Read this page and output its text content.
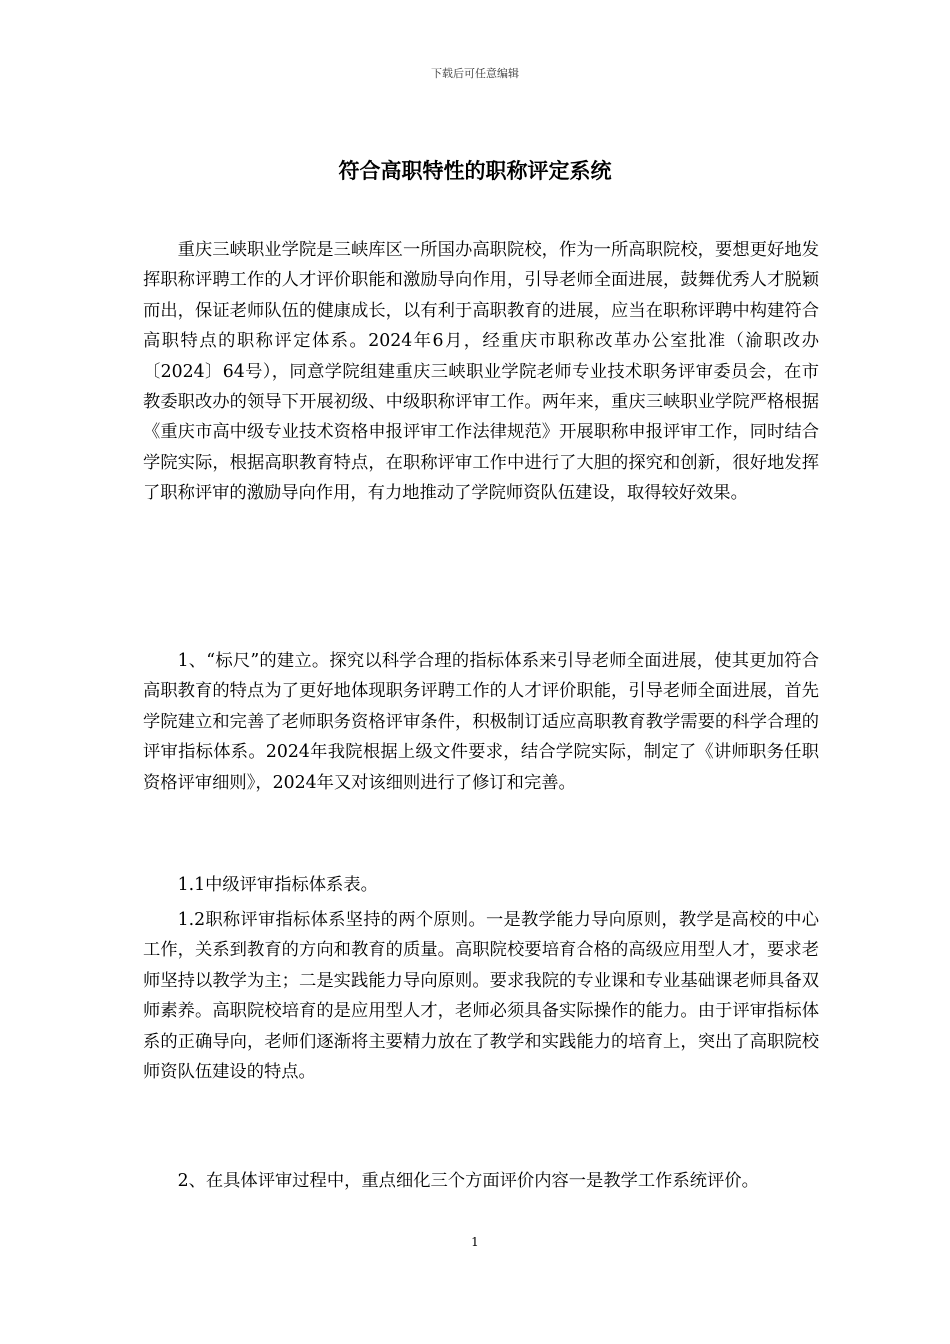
下载后可任意编辑
符合高职特性的职称评定系统

重庆三峡职业学院是三峡库区一所国办高职院校，作为一所高职院校，要想更好地发挥职称评聘工作的人才评价职能和激励导向作用，引导老师全面进展，鼓舞优秀人才脱颖而出，保证老师队伍的健康成长，以有利于高职教育的进展，应当在职称评聘中构建符合高职特点的职称评定体系。2024年6月，经重庆市职称改革办公室批准（渝职改办〔2024〕64号），同意学院组建重庆三峡职业学院老师专业技术职务评审委员会，在市教委职改办的领导下开展初级、中级职称评审工作。两年来，重庆三峡职业学院严格根据《重庆市高中级专业技术资格申报评审工作法律规范》开展职称申报评审工作，同时结合学院实际，根据高职教育特点，在职称评审工作中进行了大胆的探究和创新，很好地发挥了职称评审的激励导向作用，有力地推动了学院师资队伍建设，取得较好效果。

1、“标尺”的建立。探究以科学合理的指标体系来引导老师全面进展，使其更加符合高职教育的特点为了更好地体现职务评聘工作的人才评价职能，引导老师全面进展，首先学院建立和完善了老师职务资格评审条件，积极制订适应高职教育教学需要的科学合理的评审指标体系。2024年我院根据上级文件要求，结合学院实际，制定了《讲师职务任职资格评审细则》，2024年又对该细则进行了修订和完善。

1.1中级评审指标体系表。

1.2职称评审指标体系坚持的两个原则。一是教学能力导向原则，教学是高校的中心工作，关系到教育的方向和教育的质量。高职院校要培育合格的高级应用型人才，要求老师坚持以教学为主；二是实践能力导向原则。要求我院的专业课和专业基础课老师具备双师素养。高职院校培育的是应用型人才，老师必须具备实际操作的能力。由于评审指标体系的正确导向，老师们逐渐将主要精力放在了教学和实践能力的培育上，突出了高职院校师资队伍建设的特点。

2、在具体评审过程中，重点细化三个方面评价内容一是教学工作系统评价。

1
